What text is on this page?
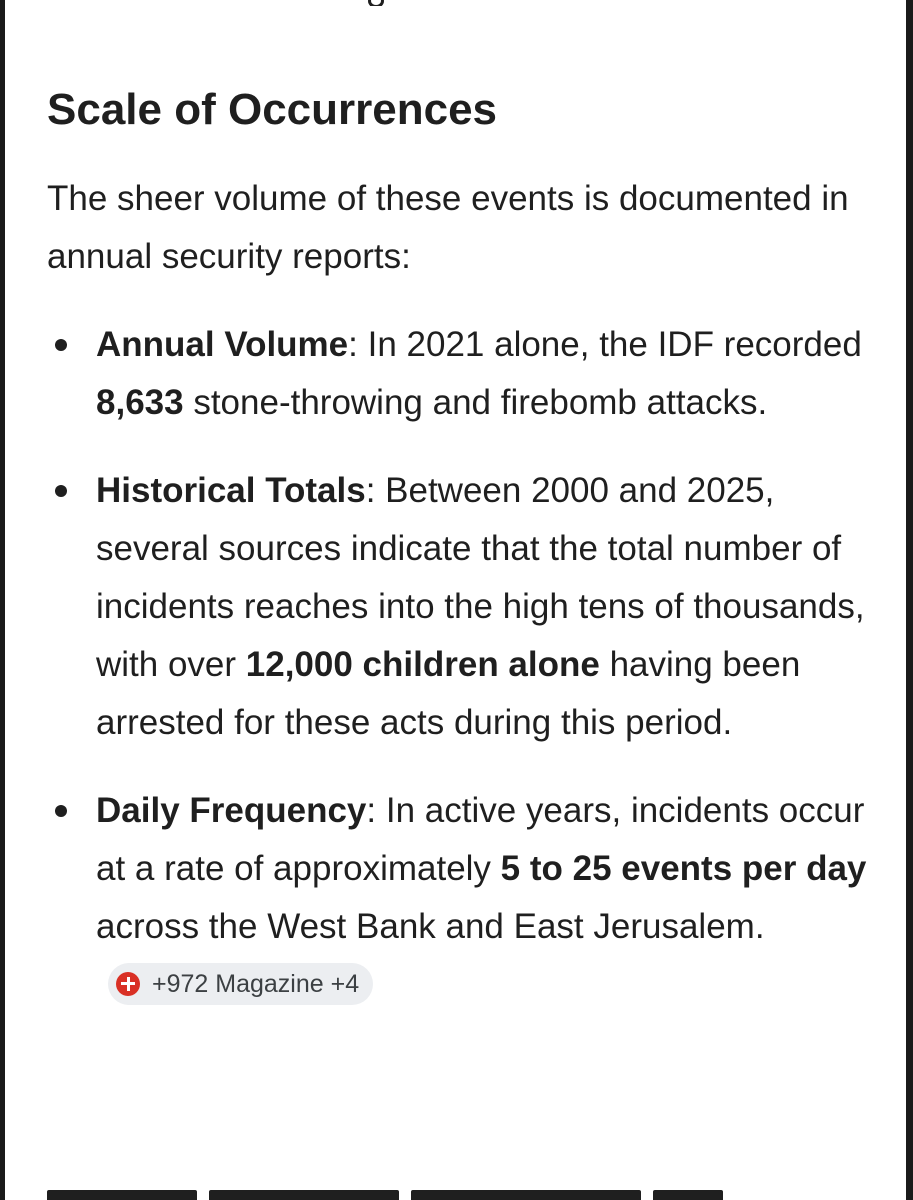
Scale of Occurrences

The sheer volume of these events is documented in annual security reports:

Annual Volume: In 2021 alone, the IDF recorded 8,633 stone-throwing and firebomb attacks.
Historical Totals: Between 2000 and 2025, several sources indicate that the total number of incidents reaches into the high tens of thousands, with over 12,000 children alone having been arrested for these acts during this period.
Daily Frequency: In active years, incidents occur at a rate of approximately 5 to 25 events per day across the West Bank and East Jerusalem.
+972 Magazine +4
